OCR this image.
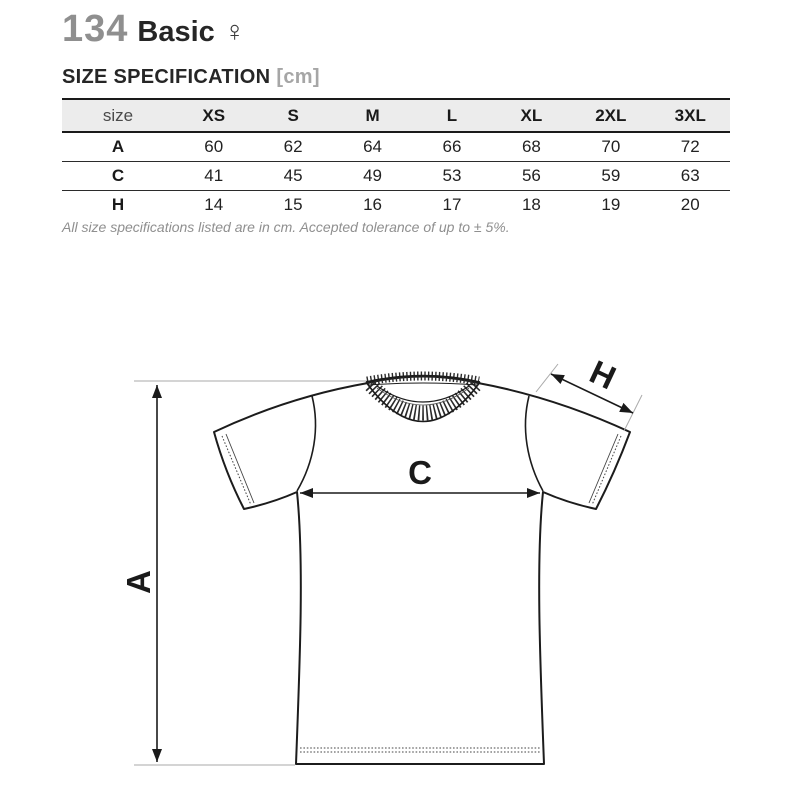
134 Basic ♀
SIZE SPECIFICATION [cm]
size	XS	S	M	L	XL	2XL	3XL
A	60	62	64	66	68	70	72
C	41	45	49	53	56	59	63
H	14	15	16	17	18	19	20
All size specifications listed are in cm. Accepted tolerance of up to ± 5%.
A
C
H
